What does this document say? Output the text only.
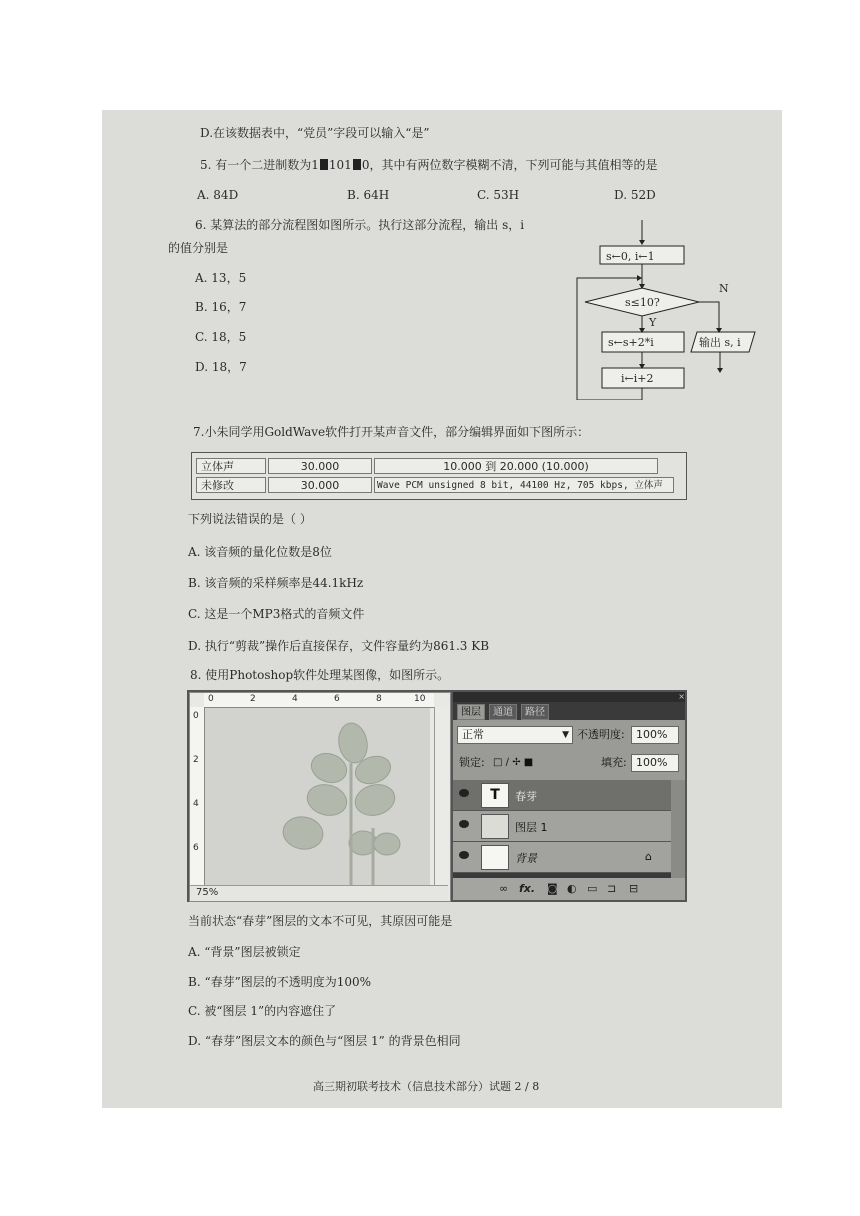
D.在该数据表中，“党员”字段可以输入“是”
5. 有一个二进制数为1 101 0，其中有两位数字模糊不清，下列可能与其值相等的是
A. 84D	B. 64H	C. 53H	D. 52D
6. 某算法的部分流程图如图所示。执行这部分流程，输出 s，i
的值分别是
A. 13，5
B. 16，7
C. 18，5
D. 18，7
s←0, i←1
s≤10?
N
Y
s←s+2*i
i←i+2
输出 s, i
7.小朱同学用GoldWave软件打开某声音文件，部分编辑界面如下图所示：
立体声	30.000	10.000 到 20.000 (10.000)
未修改	30.000	Wave PCM unsigned 8 bit, 44100 Hz, 705 kbps, 立体声
下列说法错误的是（ ）
A. 该音频的量化位数是8位
B. 该音频的采样频率是44.1kHz
C. 这是一个MP3格式的音频文件
D. 执行“剪裁”操作后直接保存，文件容量约为861.3 KB
8. 使用Photoshop软件处理某图像，如图所示。
0	2	4	6	8	10
0
2
4
6
75%
×
图层	通道	路径
正常	▼ 不透明度:	100%
锁定: □ ∕ ✢ ■	填充: 100%
T	春芽
图层 1
背景	⌂
∞ fx. ◙ ◐ ▭ ⊐ ⊟
当前状态“春芽”图层的文本不可见，其原因可能是
A. “背景”图层被锁定
B. “春芽”图层的不透明度为100%
C. 被“图层 1”的内容遮住了
D. “春芽”图层文本的颜色与“图层 1” 的背景色相同
高三期初联考技术（信息技术部分）试题 2 / 8
